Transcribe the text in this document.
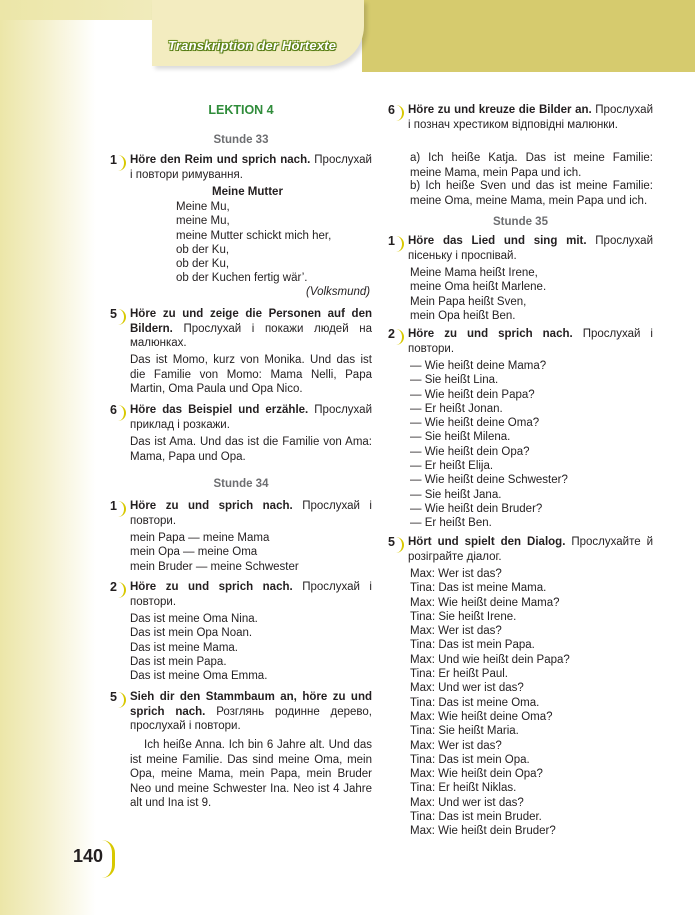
Transkription der Hörtexte
LEKTION 4
Stunde 33
1	Höre den Reim und sprich nach. Прослухай і повтори римування.
Meine Mutter
Meine Mu,
meine Mu,
meine Mutter schickt mich her,
ob der Ku,
ob der Ku,
ob der Kuchen fertig wär’.
(Volksmund)
5	Höre zu und zeige die Personen auf den Bildern. Прослухай і покажи людей на малюнках.
Das ist Momo, kurz von Monika. Und das ist die Familie von Momo: Mama Nelli, Papa Martin, Oma Paula und Opa Nico.
6	Höre das Beispiel und erzähle. Прослухай приклад і розкажи.
Das ist Ama. Und das ist die Familie von Ama: Mama, Papa und Opa.
Stunde 34
1	Höre zu und sprich nach. Прослухай і повтори.
mein Papa — meine Mama
mein Opa — meine Oma
mein Bruder — meine Schwester
2	Höre zu und sprich nach. Прослухай і повтори.
Das ist meine Oma Nina.
Das ist mein Opa Noan.
Das ist meine Mama.
Das ist mein Papa.
Das ist meine Oma Emma.
5	Sieh dir den Stammbaum an, höre zu und sprich nach. Розглянь родинне дерево, прослухай і повтори.
Ich heiße Anna. Ich bin 6 Jahre alt. Und das ist meine Familie. Das sind meine Oma, mein Opa, meine Mama, mein Papa, mein Bruder Neo und meine Schwester Ina. Neo ist 4 Jahre alt und Ina ist 9.
6	Höre zu und kreuze die Bilder an. Прослухай і познач хрестиком відповідні малюнки.
a) Ich heiße Katja. Das ist meine Familie: meine Mama, mein Papa und ich.
b) Ich heiße Sven und das ist meine Familie: meine Oma, meine Mama, mein Papa und ich.
Stunde 35
1	Höre das Lied und sing mit. Прослухай пісеньку і проспівай.
Meine Mama heißt Irene,
meine Oma heißt Marlene.
Mein Papa heißt Sven,
mein Opa heißt Ben.
2	Höre zu und sprich nach. Прослухай і повтори.
— Wie heißt deine Mama?
— Sie heißt Lina.
— Wie heißt dein Papa?
— Er heißt Jonan.
— Wie heißt deine Oma?
— Sie heißt Milena.
— Wie heißt dein Opa?
— Er heißt Elija.
— Wie heißt deine Schwester?
— Sie heißt Jana.
— Wie heißt dein Bruder?
— Er heißt Ben.
5	Hört und spielt den Dialog. Прослухайте й розіграйте діалог.
Max: Wer ist das?
Tina: Das ist meine Mama.
Max: Wie heißt deine Mama?
Tina: Sie heißt Irene.
Max: Wer ist das?
Tina: Das ist mein Papa.
Max: Und wie heißt dein Papa?
Tina: Er heißt Paul.
Max: Und wer ist das?
Tina: Das ist meine Oma.
Max: Wie heißt deine Oma?
Tina: Sie heißt Maria.
Max: Wer ist das?
Tina: Das ist mein Opa.
Max: Wie heißt dein Opa?
Tina: Er heißt Niklas.
Max: Und wer ist das?
Tina: Das ist mein Bruder.
Max: Wie heißt dein Bruder?
140
